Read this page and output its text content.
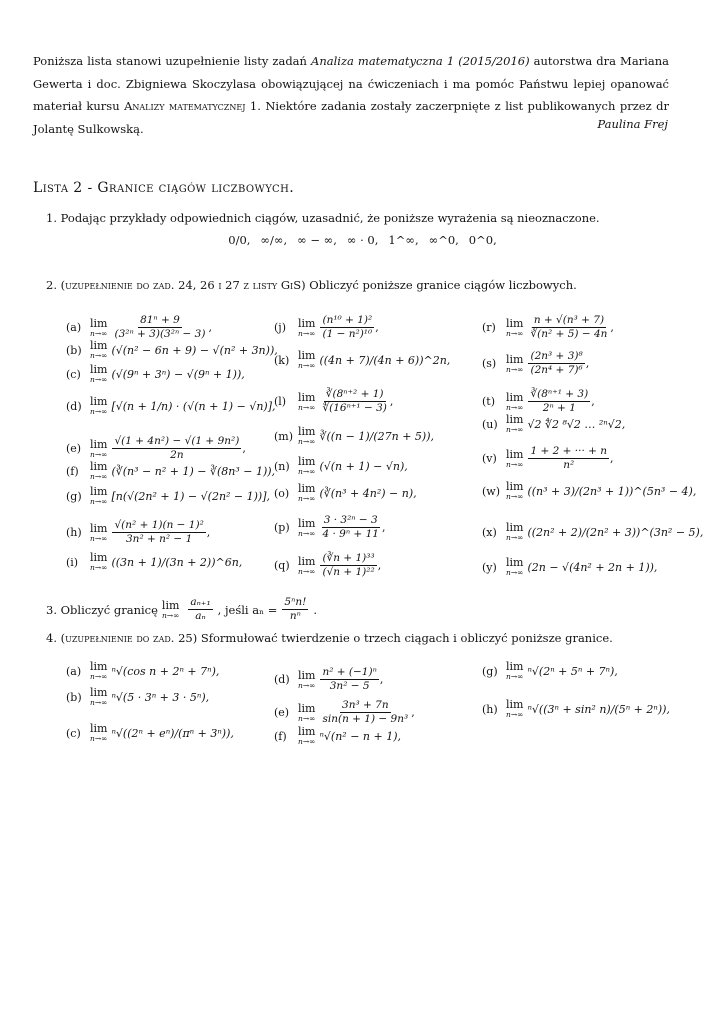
Poniższa lista stanowi uzupełnienie listy zadań Analiza matematyczna 1 (2015/2016) autorstwa dra Mariana Gewerta i doc. Zbigniewa Skoczylasa obowiązującej na ćwiczeniach i ma pomóc Państwu lepiej opanować materiał kursu Analizy matematycznej 1. Niektóre zadania zostały zaczerpnięte z list publikowanych przez dr Jolantę Sulkowską.	Paulina Frej
Lista 2 - Granice ciągów liczbowych.
1. Podając przykłady odpowiednich ciągów, uzasadnić, że poniższe wyrażenia są nieoznaczone.
0/0, ∞/∞, ∞ − ∞, ∞ · 0, 1^∞, ∞^0, 0^0,
2. (uzupełnienie do zad. 24, 26 i 27 z listy GiS) Obliczyć poniższe granice ciągów liczbowych.
(a) lim
$n\to\infty \frac{\text{81ⁿ + 9}}{\text{(3²ⁿ + 3)(3²ⁿ − 3)}}$ ,
(b) lim
n→∞ (√(n² − 6n + 9) − √(n² + 3n)),
(c) lim
n→∞ (√(9ⁿ + 3ⁿ) − √(9ⁿ + 1)),
(d) lim
n→∞ [√(n + 1/n) · (√(n + 1) − √n)],
(e) lim
$n\to\infty \frac{\text{√(1 + 4n²) − √(1 + 9n²)}}{2n}$ ,
(f)	lim
n→∞ (∛(n³ − n² + 1) − ∛(8n³ − 1)),
(g) lim
n→∞ [n(√(2n² + 1) − √(2n² − 1))],
(h) lim
$n\to\infty \frac{\text{√(n² + 1)(n − 1)²}}{\text{3n² + n² − 1}}$ ,
(i)	lim
n→∞ ((3n + 1)/(3n + 2))^6n,
(j)	lim
$n\to\infty \frac{\text{(n¹⁰ + 1)²}}{\text{(1 − n²)¹⁰}}$ ,
(k) lim
n→∞ ((4n + 7)/(4n + 6))^2n,
(l)	lim
$n\to\infty \frac{\text{∛(8ⁿ⁺² + 1)}}{\text{∜(16ⁿ⁺¹ − 3)}}$ ,
(m) lim
n→∞ ∛((n − 1)/(27n + 5)),
(n) lim
n→∞ (√(n + 1) − √n),
(o) lim
n→∞ (∛(n³ + 4n²) − n),
(p) lim
$n\to\infty \frac{\text{3 · 3²ⁿ − 3}}{\text{4 · 9ⁿ + 11}}$ ,
(q) lim
$n\to\infty \frac{\text{(∛n + 1)³³}}{\text{(√n + 1)²²}}$ ,
(r) lim
$n\to\infty \frac{\text{n + √(n³ + 7)}}{\text{∛(n² + 5) − 4n}}$ ,
(s) lim
$n\to\infty \frac{\text{(2n³ + 3)⁸}}{\text{(2n⁴ + 7)⁶}}$ ,
(t) lim
$n\to\infty \frac{\text{∛(8ⁿ⁺¹ + 3)}}{\text{2ⁿ + 1}}$ ,
(u) lim
n→∞ √2 ∜2 ⁸√2 … ²ⁿ√2,
(v) lim
$n\to\infty \frac{1 + 2 + \cdot\cdot\cdot + n}{\text{n²}}$ ,
(w) lim
n→∞ ((n³ + 3)/(2n³ + 1))^(5n³ − 4),
(x) lim
n→∞ ((2n² + 2)/(2n² + 3))^(3n² − 5),
(y) lim
n→∞ (2n − √(4n² + 2n + 1)),
3. Obliczyć granicę lim
$n\to\infty \frac{\text{aₙ₊₁}}{\text{aₙ}}$ , jeśli $a_n = \frac{\text{5ⁿn!}}{\text{nⁿ}}$ .
4. (uzupełnienie do zad. 25) Sformułować twierdzenie o trzech ciągach i obliczyć poniższe granice.
(a) lim
n→∞ ⁿ√(cos n + 2ⁿ + 7ⁿ),
(b) lim
n→∞ ⁿ√(5 · 3ⁿ + 3 · 5ⁿ),
(c) lim
n→∞ ⁿ√((2ⁿ + eⁿ)/(πⁿ + 3ⁿ)),
(d) lim
$n\to\infty \frac{\text{n² + (−1)ⁿ}}{\text{3n² − 5}}$ ,
(e) lim
$n\to\infty \frac{\text{3n³ + 7n}}{\text{sin(n + 1) − 9n³}}$ ,
(f)	lim
n→∞ ⁿ√(n² − n + 1),
(g) lim
n→∞ ⁿ√(2ⁿ + 5ⁿ + 7ⁿ),
(h) lim
n→∞ ⁿ√((3ⁿ + sin² n)/(5ⁿ + 2ⁿ)),
